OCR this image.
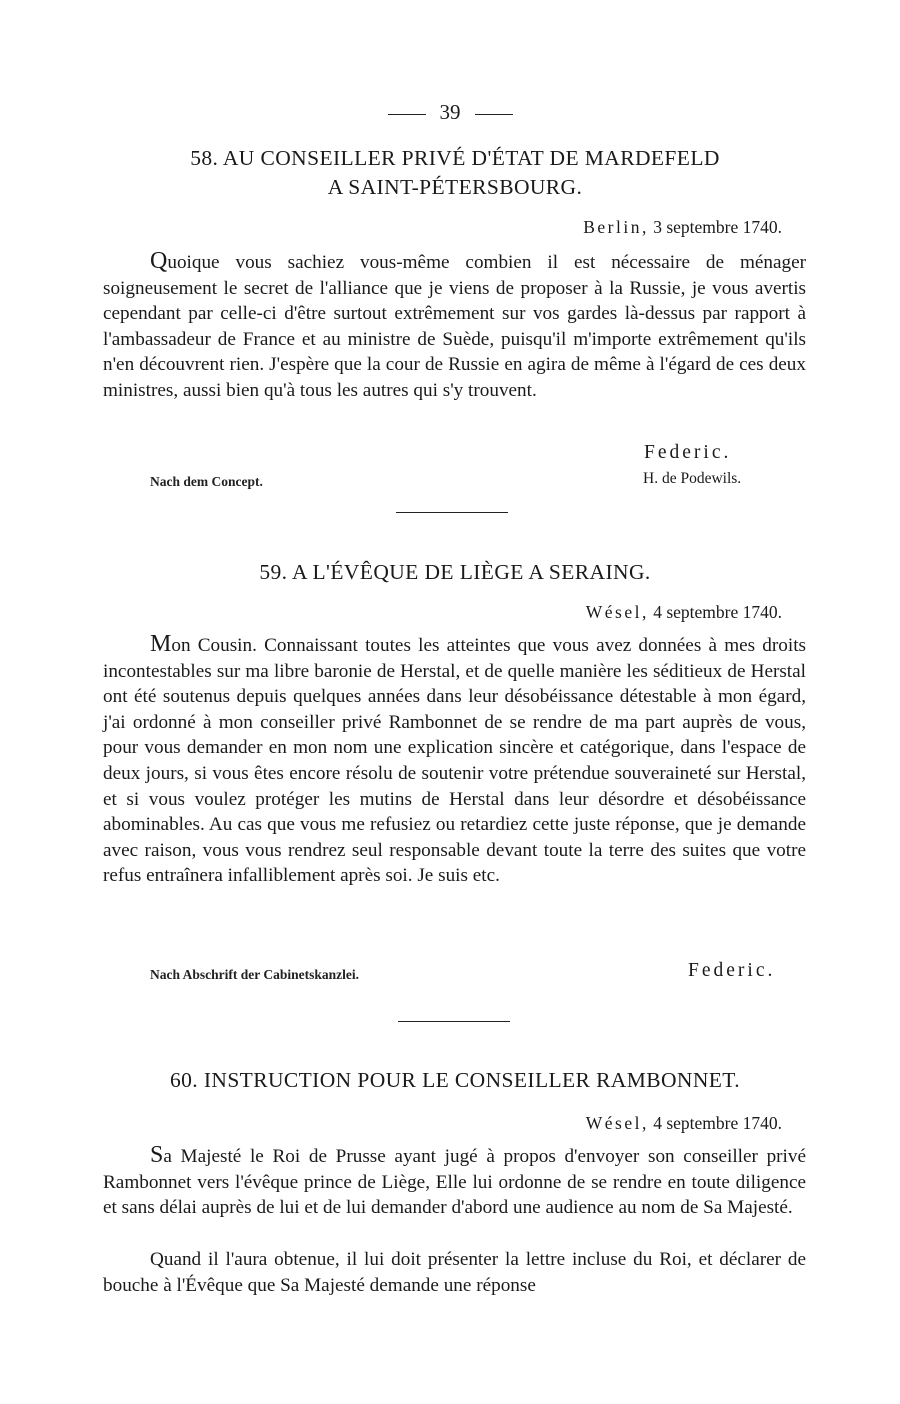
39
58. AU CONSEILLER PRIVÉ D'ÉTAT DE MARDEFELD
A SAINT-PÉTERSBOURG.
Berlin, 3 septembre 1740.

Quoique vous sachiez vous-même combien il est nécessaire de ménager soigneusement le secret de l'alliance que je viens de proposer à la Russie, je vous avertis cependant par celle-ci d'être surtout extrêmement sur vos gardes là-dessus par rapport à l'ambassadeur de France et au ministre de Suède, puisqu'il m'importe extrêmement qu'ils n'en découvrent rien. J'espère que la cour de Russie en agira de même à l'égard de ces deux ministres, aussi bien qu'à tous les autres qui s'y trouvent.

Federic.
Nach dem Concept.	H. de Podewils.
59. A L'ÉVÊQUE DE LIÈGE A SERAING.
Wésel, 4 septembre 1740.

Mon Cousin. Connaissant toutes les atteintes que vous avez données à mes droits incontestables sur ma libre baronie de Herstal, et de quelle manière les séditieux de Herstal ont été soutenus depuis quelques années dans leur désobéissance détestable à mon égard, j'ai ordonné à mon conseiller privé Rambonnet de se rendre de ma part auprès de vous, pour vous demander en mon nom une explication sincère et catégorique, dans l'espace de deux jours, si vous êtes encore résolu de soutenir votre prétendue souveraineté sur Herstal, et si vous voulez protéger les mutins de Herstal dans leur désordre et désobéissance abominables. Au cas que vous me refusiez ou retardiez cette juste réponse, que je demande avec raison, vous vous rendrez seul responsable devant toute la terre des suites que votre refus entraînera infalliblement après soi. Je suis etc.

Nach Abschrift der Cabinetskanzlei.	Federic.
60. INSTRUCTION POUR LE CONSEILLER RAMBONNET.
Wésel, 4 septembre 1740.

Sa Majesté le Roi de Prusse ayant jugé à propos d'envoyer son conseiller privé Rambonnet vers l'évêque prince de Liège, Elle lui ordonne de se rendre en toute diligence et sans délai auprès de lui et de lui demander d'abord une audience au nom de Sa Majesté.

Quand il l'aura obtenue, il lui doit présenter la lettre incluse du Roi, et déclarer de bouche à l'Évêque que Sa Majesté demande une réponse
